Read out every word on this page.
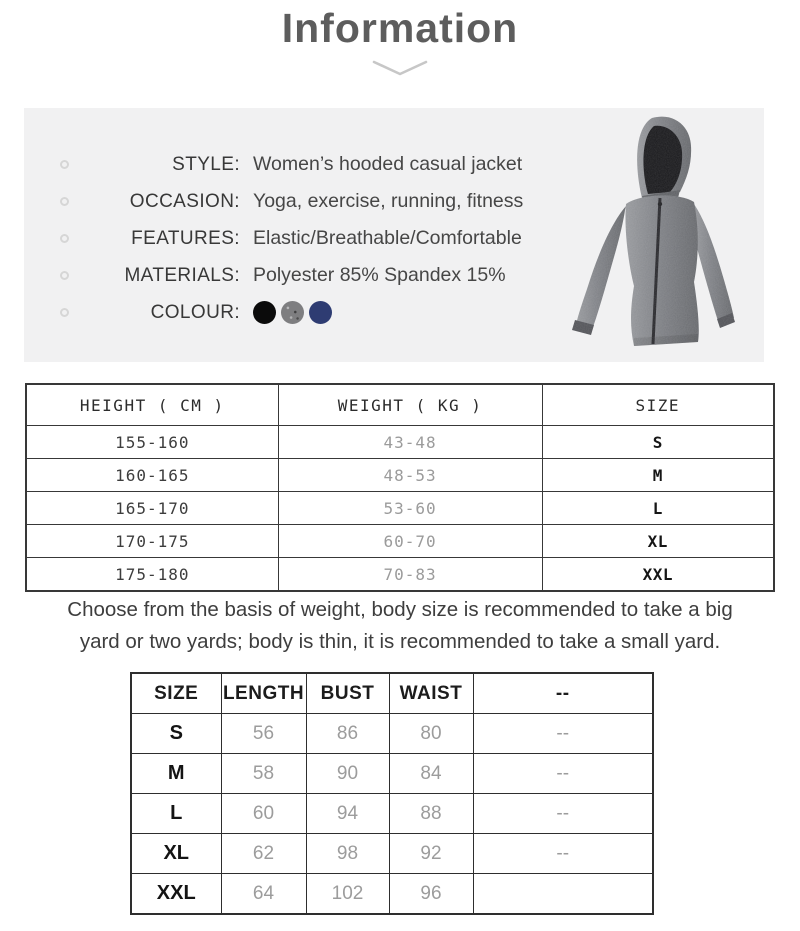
Information
STYLE: Women’s hooded casual jacket
OCCASION: Yoga, exercise, running, fitness
FEATURES: Elastic/Breathable/Comfortable
MATERIALS: Polyester 85% Spandex 15%
COLOUR:
HEIGHT ( CM )	WEIGHT ( KG )	SIZE
155-160	43-48	S
160-165	48-53	M
165-170	53-60	L
170-175	60-70	XL
175-180	70-83	XXL
Choose from the basis of weight, body size is recommended to take a big
yard or two yards; body is thin, it is recommended to take a small yard.
SIZE	LENGTH	BUST	WAIST	--
S	56	86	80	--
M	58	90	84	--
L	60	94	88	--
XL	62	98	92	--
XXL	64	102	96	
